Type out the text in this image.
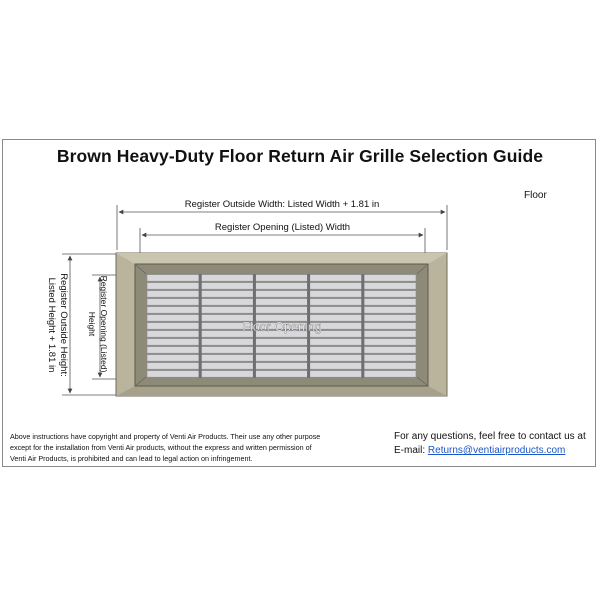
Brown Heavy-Duty Floor Return Air Grille Selection Guide
Floor
Floor Opening
Register Outside Width: Listed Width + 1.81 in
Register Opening (Listed) Width
Register Outside Height:
Listed Height + 1.81 in	Register Opening (Listed)
Height
Above instructions have copyright and property of Venti Air Products. Their use any other purpose
except for the installation from Venti Air products, without the express and written permission of
Venti Air Products, is prohibited and can lead to legal action on infringement.
For any questions, feel free to contact us at
E-mail: Returns@ventiairproducts.com
